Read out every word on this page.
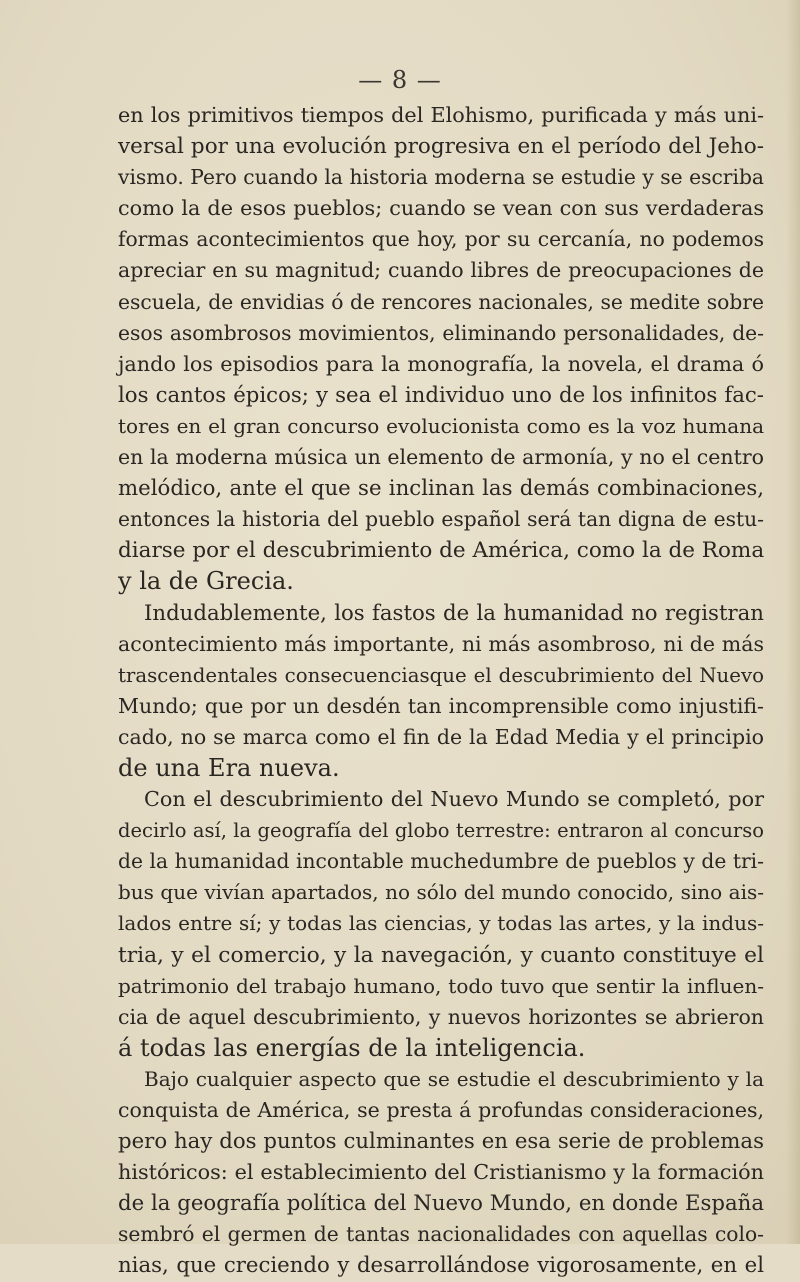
— 8 —
en los primitivos tiempos del Elohismo, purificada y más uni-
versal por una evolución progresiva en el período del Jeho-
vismo. Pero cuando la historia moderna se estudie y se escriba
como la de esos pueblos; cuando se vean con sus verdaderas
formas acontecimientos que hoy, por su cercanía, no podemos
apreciar en su magnitud; cuando libres de preocupaciones de
escuela, de envidias ó de rencores nacionales, se medite sobre
esos asombrosos movimientos, eliminando personalidades, de-
jando los episodios para la monografía, la novela, el drama ó
los cantos épicos; y sea el individuo uno de los infinitos fac-
tores en el gran concurso evolucionista como es la voz humana
en la moderna música un elemento de armonía, y no el centro
melódico, ante el que se inclinan las demás combinaciones,
entonces la historia del pueblo español será tan digna de estu-
diarse por el descubrimiento de América, como la de Roma
y la de Grecia.
Indudablemente, los fastos de la humanidad no registran
acontecimiento más importante, ni más asombroso, ni de más
trascendentales consecuenciasque el descubrimiento del Nuevo
Mundo; que por un desdén tan incomprensible como injustifi-
cado, no se marca como el fin de la Edad Media y el principio
de una Era nueva.
Con el descubrimiento del Nuevo Mundo se completó, por
decirlo así, la geografía del globo terrestre: entraron al concurso
de la humanidad incontable muchedumbre de pueblos y de tri-
bus que vivían apartados, no sólo del mundo conocido, sino ais-
lados entre sí; y todas las ciencias, y todas las artes, y la indus-
tria, y el comercio, y la navegación, y cuanto constituye el
patrimonio del trabajo humano, todo tuvo que sentir la influen-
cia de aquel descubrimiento, y nuevos horizontes se abrieron
á todas las energías de la inteligencia.
Bajo cualquier aspecto que se estudie el descubrimiento y la
conquista de América, se presta á profundas consideraciones,
pero hay dos puntos culminantes en esa serie de problemas
históricos: el establecimiento del Cristianismo y la formación
de la geografía política del Nuevo Mundo, en donde España
sembró el germen de tantas nacionalidades con aquellas colo-
nias, que creciendo y desarrollándose vigorosamente, en el
